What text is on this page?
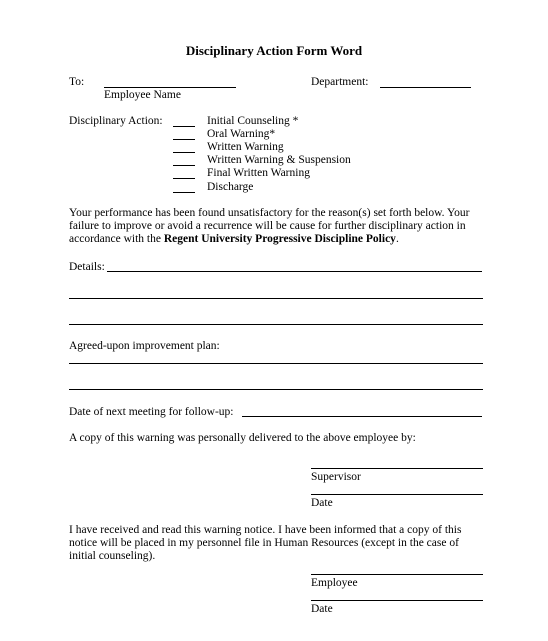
Disciplinary Action Form Word
To:
Employee Name
Department:
Disciplinary Action:	Initial Counseling *
Oral Warning*
Written Warning
Written Warning & Suspension
Final Written Warning
Discharge
Your performance has been found unsatisfactory for the reason(s) set forth below. Your failure to improve or avoid a recurrence will be cause for further disciplinary action in accordance with the Regent University Progressive Discipline Policy.
Details:
Agreed-upon improvement plan:
Date of next meeting for follow-up:
A copy of this warning was personally delivered to the above employee by:
Supervisor
Date
I have received and read this warning notice. I have been informed that a copy of this notice will be placed in my personnel file in Human Resources (except in the case of initial counseling).
Employee
Date
